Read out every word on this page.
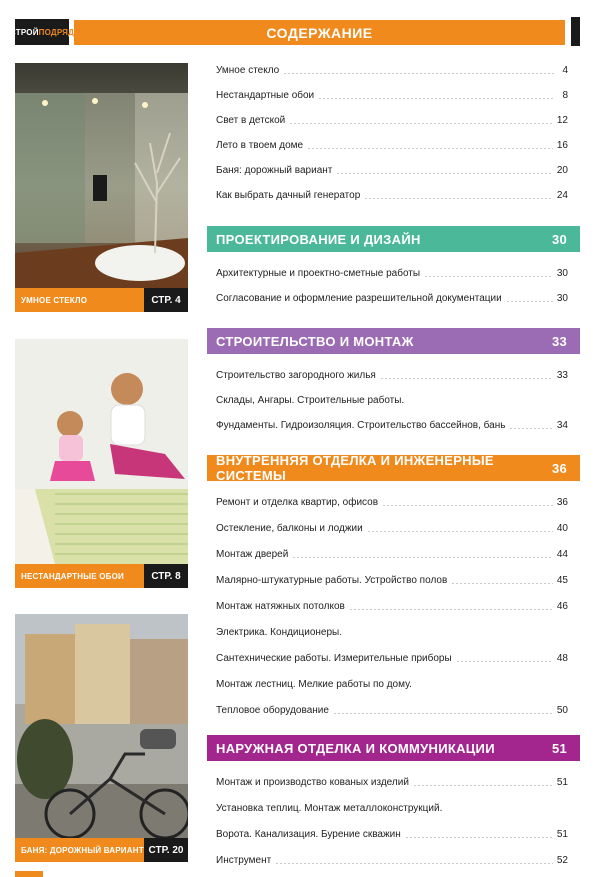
СТРОЙ ПОДРЯД	СОДЕРЖАНИЕ
УМНОЕ СТЕКЛО	СТР. 4
НЕСТАНДАРТНЫЕ ОБОИ	СТР. 8
БАНЯ: ДОРОЖНЫЙ ВАРИАНТ СТР. 20
Умное стекло	4
Нестандартные обои	8
Свет в детской	12
Лето в твоем доме	16
Баня: дорожный вариант	20
Как выбрать дачный генератор	24
ПРОЕКТИРОВАНИЕ И ДИЗАЙН	30
Архитектурные и проектно-сметные работы	30
Согласование и оформление разрешительной документации	30
СТРОИТЕЛЬСТВО И МОНТАЖ	33
Строительство загородного жилья	33
Склады, Ангары. Строительные работы.
Фундаменты. Гидроизоляция. Строительство бассейнов, бань	34
ВНУТРЕННЯЯ ОТДЕЛКА И ИНЖЕНЕРНЫЕ СИСТЕМЫ	36
Ремонт и отделка квартир, офисов	36
Остекление, балконы и лоджии	40
Монтаж дверей	44
Малярно-штукатурные работы. Устройство полов	45
Монтаж натяжных потолков	46
Электрика. Кондиционеры.
Сантехнические работы. Измерительные приборы	48
Монтаж лестниц. Мелкие работы по дому.
Тепловое оборудование	50
НАРУЖНАЯ ОТДЕЛКА И КОММУНИКАЦИИ	51
Монтаж и производство кованых изделий	51
Установка теплиц. Монтаж металлоконструкций.
Ворота. Канализация. Бурение скважин	51
Инструмент	52
